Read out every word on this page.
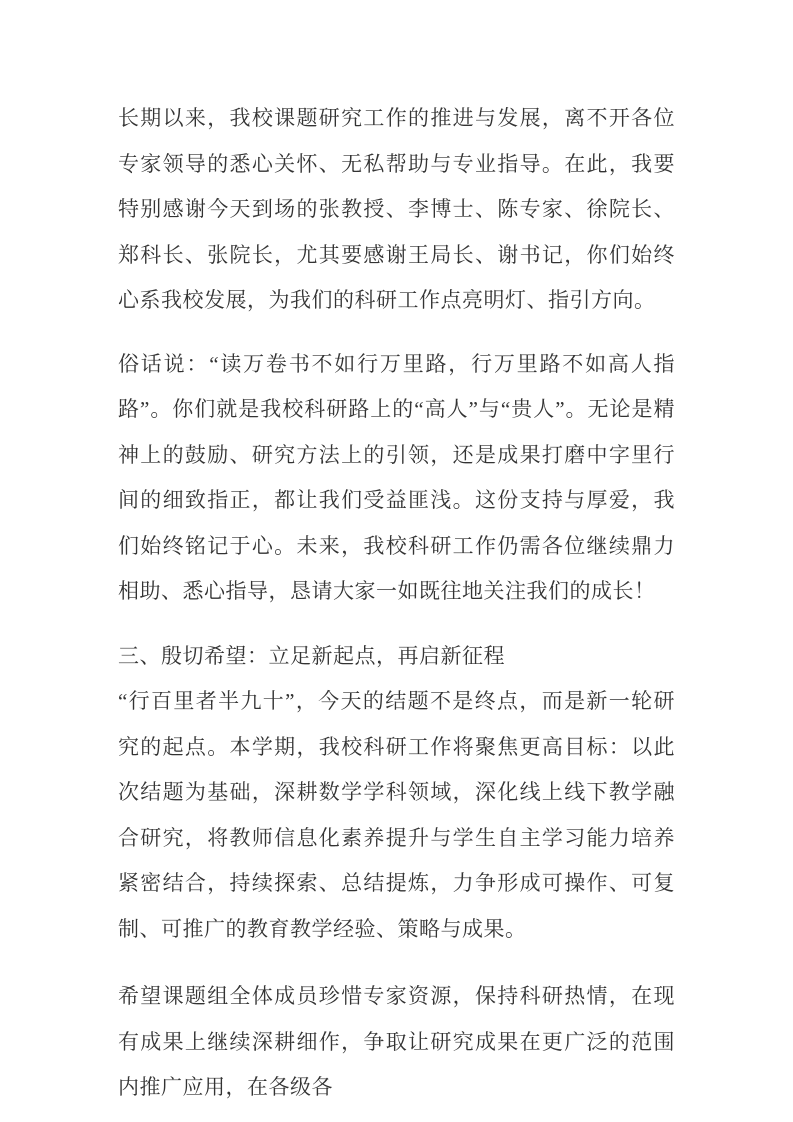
长期以来，我校课题研究工作的推进与发展，离不开各位专家领导的悉心关怀、无私帮助与专业指导。在此，我要特别感谢今天到场的张教授、李博士、陈专家、徐院长、郑科长、张院长，尤其要感谢王局长、谢书记，你们始终心系我校发展，为我们的科研工作点亮明灯、指引方向。

俗话说：“读万卷书不如行万里路，行万里路不如高人指路”。你们就是我校科研路上的“高人”与“贵人”。无论是精神上的鼓励、研究方法上的引领，还是成果打磨中字里行间的细致指正，都让我们受益匪浅。这份支持与厚爱，我们始终铭记于心。未来，我校科研工作仍需各位继续鼎力相助、悉心指导，恳请大家一如既往地关注我们的成长！

三、殷切希望：立足新起点，再启新征程

“行百里者半九十”，今天的结题不是终点，而是新一轮研究的起点。本学期，我校科研工作将聚焦更高目标：以此次结题为基础，深耕数学学科领域，深化线上线下教学融合研究，将教师信息化素养提升与学生自主学习能力培养紧密结合，持续探索、总结提炼，力争形成可操作、可复制、可推广的教育教学经验、策略与成果。

希望课题组全体成员珍惜专家资源，保持科研热情，在现有成果上继续深耕细作，争取让研究成果在更广泛的范围内推广应用，在各级各
